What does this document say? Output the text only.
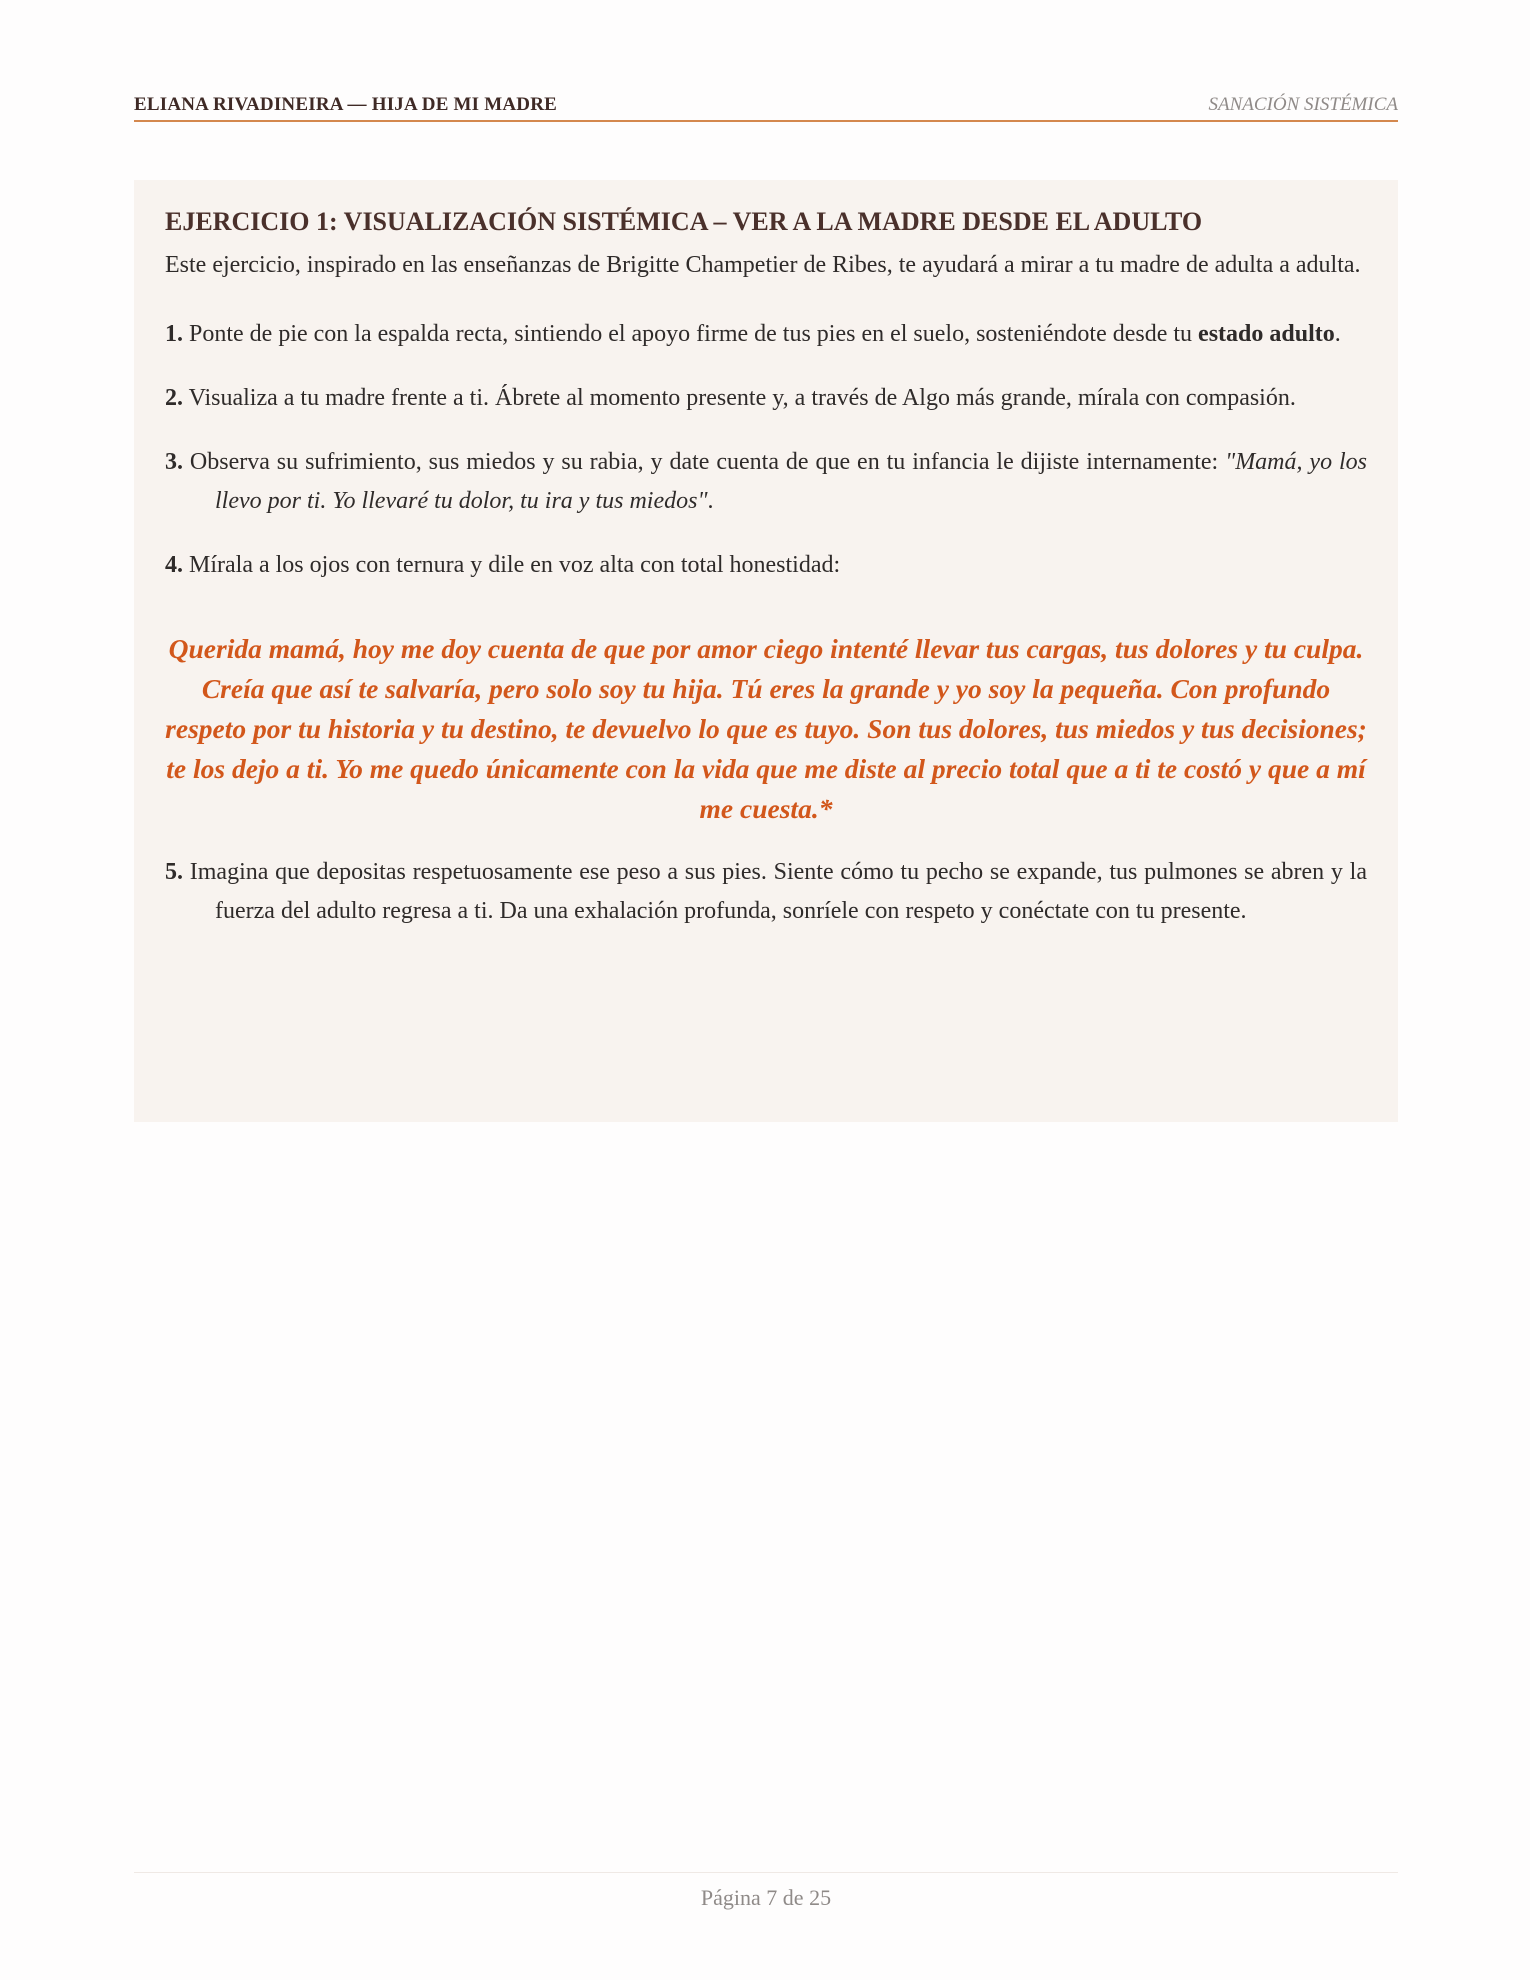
ELIANA RIVADINEIRA — HIJA DE MI MADRE	SANACIÓN SISTÉMICA

EJERCICIO 1: VISUALIZACIÓN SISTÉMICA – VER A LA MADRE DESDE EL ADULTO

Este ejercicio, inspirado en las enseñanzas de Brigitte Champetier de Ribes, te ayudará a mirar a tu madre de adulta a adulta.

1. Ponte de pie con la espalda recta, sintiendo el apoyo firme de tus pies en el suelo, sosteniéndote desde tu estado adulto.

2. Visualiza a tu madre frente a ti. Ábrete al momento presente y, a través de Algo más grande, mírala con compasión.

3. Observa su sufrimiento, sus miedos y su rabia, y date cuenta de que en tu infancia le dijiste internamente: "Mamá, yo los llevo por ti. Yo llevaré tu dolor, tu ira y tus miedos".

4. Mírala a los ojos con ternura y dile en voz alta con total honestidad:

Querida mamá, hoy me doy cuenta de que por amor ciego intenté llevar tus cargas, tus dolores y tu culpa. Creía que así te salvaría, pero solo soy tu hija. Tú eres la grande y yo soy la pequeña. Con profundo respeto por tu historia y tu destino, te devuelvo lo que es tuyo. Son tus dolores, tus miedos y tus decisiones; te los dejo a ti. Yo me quedo únicamente con la vida que me diste al precio total que a ti te costó y que a mí me cuesta.*

5. Imagina que depositas respetuosamente ese peso a sus pies. Siente cómo tu pecho se expande, tus pulmones se abren y la fuerza del adulto regresa a ti. Da una exhalación profunda, sonríele con respeto y conéctate con tu presente.

Página 7 de 25
